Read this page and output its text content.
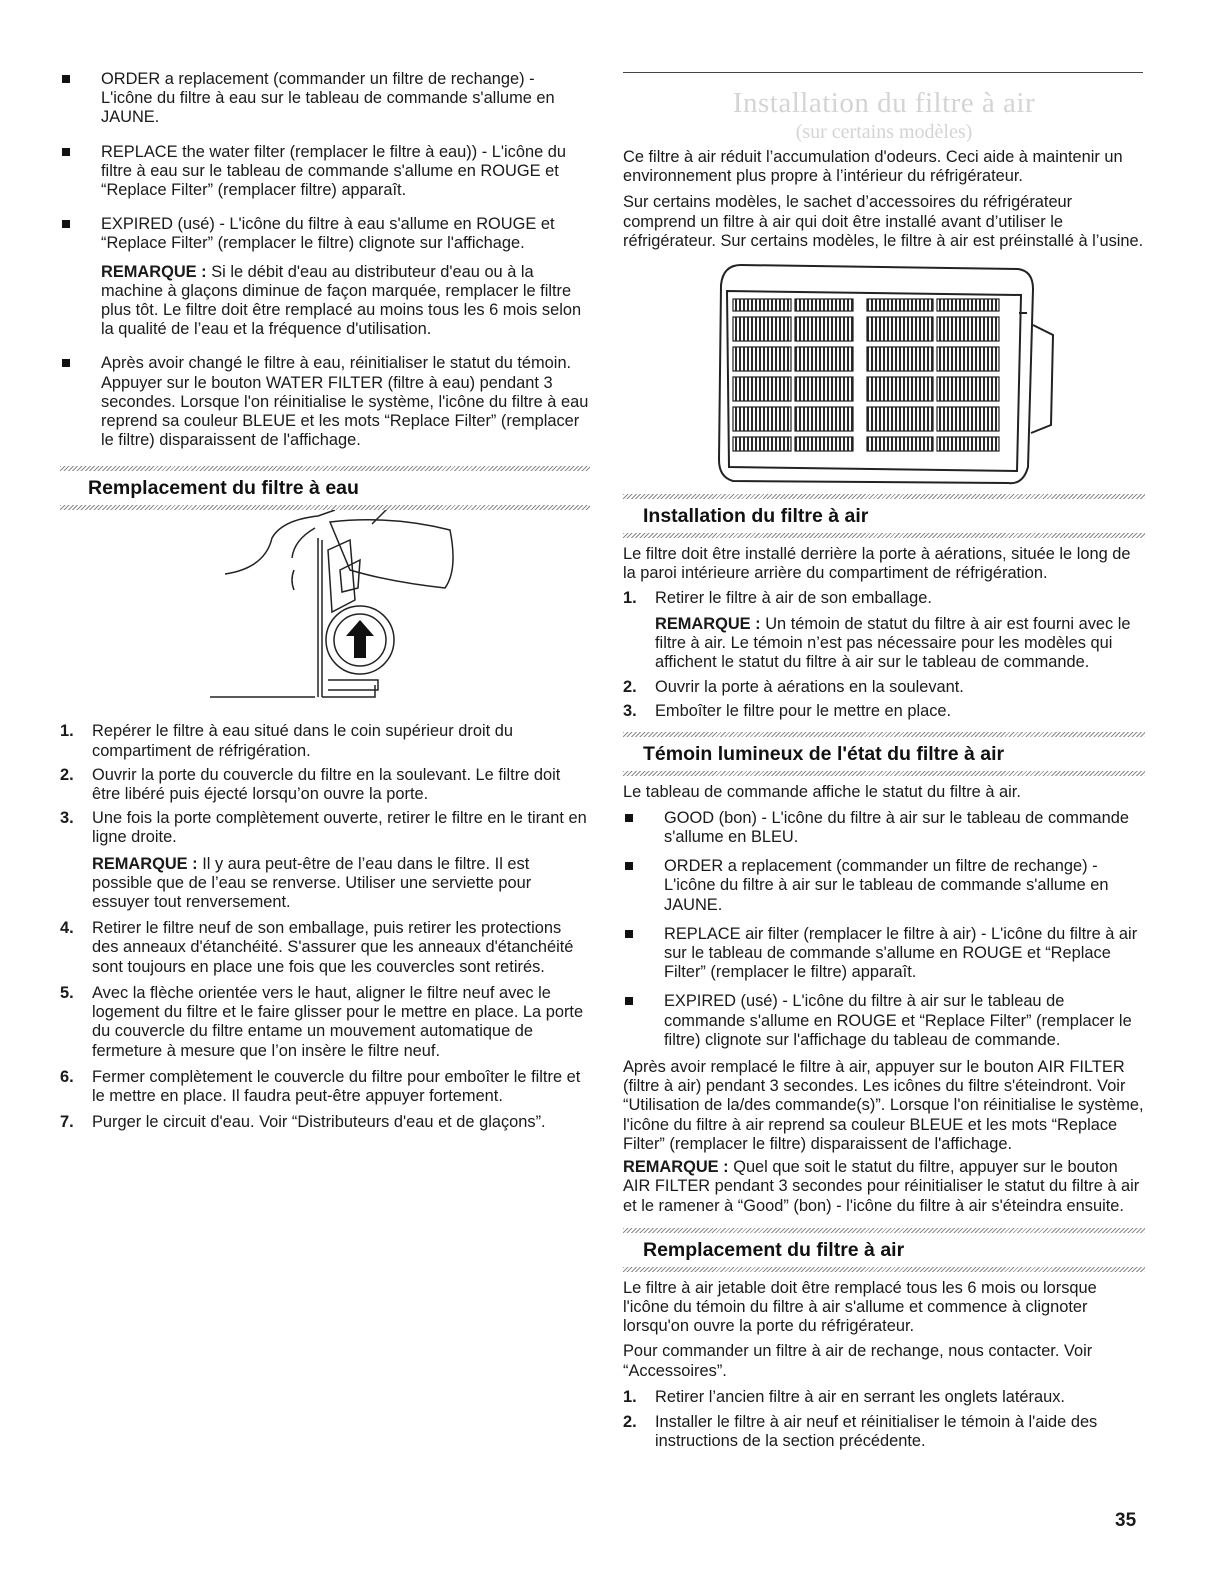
ORDER a replacement (commander un filtre de rechange) - L'icône du filtre à eau sur le tableau de commande s'allume en JAUNE.

REPLACE the water filter (remplacer le filtre à eau)) - L'icône du filtre à eau sur le tableau de commande s'allume en ROUGE et “Replace Filter” (remplacer filtre) apparaît.

EXPIRED (usé) - L'icône du filtre à eau s'allume en ROUGE et “Replace Filter” (remplacer le filtre) clignote sur l'affichage.

REMARQUE : Si le débit d'eau au distributeur d'eau ou à la machine à glaçons diminue de façon marquée, remplacer le filtre plus tôt. Le filtre doit être remplacé au moins tous les 6 mois selon la qualité de l’eau et la fréquence d'utilisation.

Après avoir changé le filtre à eau, réinitialiser le statut du témoin. Appuyer sur le bouton WATER FILTER (filtre à eau) pendant 3 secondes. Lorsque l'on réinitialise le système, l'icône du filtre à eau reprend sa couleur BLEUE et les mots “Replace Filter” (remplacer le filtre) disparaissent de l'affichage.

Remplacement du filtre à eau
1. Repérer le filtre à eau situé dans le coin supérieur droit du compartiment de réfrigération.

2. Ouvrir la porte du couvercle du filtre en la soulevant. Le filtre doit être libéré puis éjecté lorsqu’on ouvre la porte.

3. Une fois la porte complètement ouverte, retirer le filtre en le tirant en ligne droite.

REMARQUE : Il y aura peut-être de l’eau dans le filtre. Il est possible que de l’eau se renverse. Utiliser une serviette pour essuyer tout renversement.

4. Retirer le filtre neuf de son emballage, puis retirer les protections des anneaux d'étanchéité. S'assurer que les anneaux d'étanchéité sont toujours en place une fois que les couvercles sont retirés.

5. Avec la flèche orientée vers le haut, aligner le filtre neuf avec le logement du filtre et le faire glisser pour le mettre en place. La porte du couvercle du filtre entame un mouvement automatique de fermeture à mesure que l’on insère le filtre neuf.

6. Fermer complètement le couvercle du filtre pour emboîter le filtre et le mettre en place. Il faudra peut-être appuyer fortement.

7. Purger le circuit d'eau. Voir “Distributeurs d'eau et de glaçons”.

Installation du filtre à air
(sur certains modèles)

Ce filtre à air réduit l’accumulation d'odeurs. Ceci aide à maintenir un environnement plus propre à l’intérieur du réfrigérateur.

Sur certains modèles, le sachet d’accessoires du réfrigérateur comprend un filtre à air qui doit être installé avant d’utiliser le réfrigérateur. Sur certains modèles, le filtre à air est préinstallé à l’usine.

Installation du filtre à air

Le filtre doit être installé derrière la porte à aérations, située le long de la paroi intérieure arrière du compartiment de réfrigération.

1. Retirer le filtre à air de son emballage.

REMARQUE : Un témoin de statut du filtre à air est fourni avec le filtre à air. Le témoin n’est pas nécessaire pour les modèles qui affichent le statut du filtre à air sur le tableau de commande.

2. Ouvrir la porte à aérations en la soulevant.

3. Emboîter le filtre pour le mettre en place.

Témoin lumineux de l'état du filtre à air

Le tableau de commande affiche le statut du filtre à air.

GOOD (bon) - L'icône du filtre à air sur le tableau de commande s'allume en BLEU.

ORDER a replacement (commander un filtre de rechange) - L'icône du filtre à air sur le tableau de commande s'allume en JAUNE.

REPLACE air filter (remplacer le filtre à air) - L'icône du filtre à air sur le tableau de commande s'allume en ROUGE et “Replace Filter” (remplacer le filtre) apparaît.

EXPIRED (usé) - L'icône du filtre à air sur le tableau de commande s'allume en ROUGE et “Replace Filter” (remplacer le filtre) clignote sur l'affichage du tableau de commande.

Après avoir remplacé le filtre à air, appuyer sur le bouton AIR FILTER (filtre à air) pendant 3 secondes. Les icônes du filtre s'éteindront. Voir “Utilisation de la/des commande(s)”. Lorsque l'on réinitialise le système, l'icône du filtre à air reprend sa couleur BLEUE et les mots “Replace Filter” (remplacer le filtre) disparaissent de l'affichage.

REMARQUE : Quel que soit le statut du filtre, appuyer sur le bouton AIR FILTER pendant 3 secondes pour réinitialiser le statut du filtre à air et le ramener à “Good” (bon) - l'icône du filtre à air s'éteindra ensuite.

Remplacement du filtre à air

Le filtre à air jetable doit être remplacé tous les 6 mois ou lorsque l'icône du témoin du filtre à air s'allume et commence à clignoter lorsqu'on ouvre la porte du réfrigérateur.

Pour commander un filtre à air de rechange, nous contacter. Voir “Accessoires”.

1. Retirer l’ancien filtre à air en serrant les onglets latéraux.

2. Installer le filtre à air neuf et réinitialiser le témoin à l'aide des instructions de la section précédente.

35
